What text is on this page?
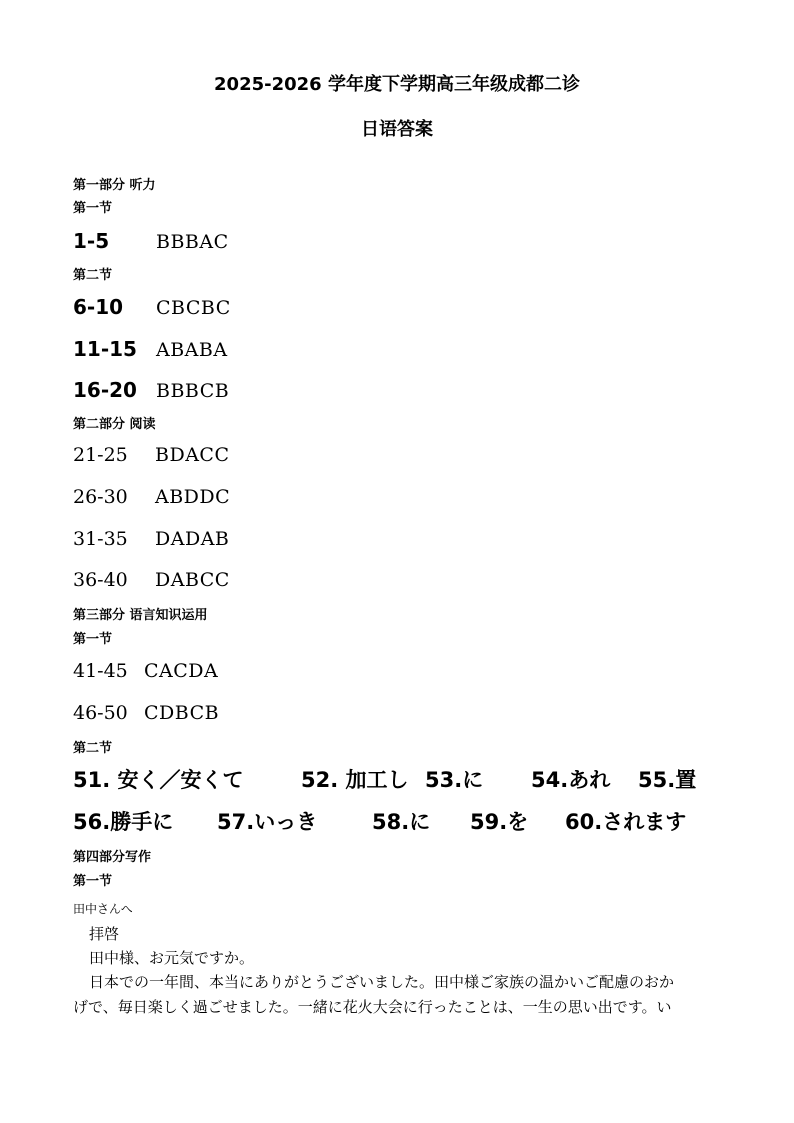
2025-2026 学年度下学期高三年级成都二诊
日语答案
第一部分 听力
第一节
1-5	BBBAC
第二节
6-10	CBCBC
11-15	ABABA
16-20	BBBCB
第二部分 阅读
21-25	BDACC
26-30	ABDDC
31-35	DADAB
36-40	DABCC
第三部分 语言知识运用
第一节
41-45 CACDA
46-50 CDBCB
第二节
51. 安く／安くて	52. 加工し 53.に 54.あれ 55.置
56.勝手に 57.いっき	58.に 59.を 60.されます
第四部分写作
第一节
田中さんへ
拝啓
田中様、お元気ですか。
日本での一年間、本当にありがとうございました。田中様ご家族の温かいご配慮のおか
げで、毎日楽しく過ごせました。一緒に花火大会に行ったことは、一生の思い出です。い
